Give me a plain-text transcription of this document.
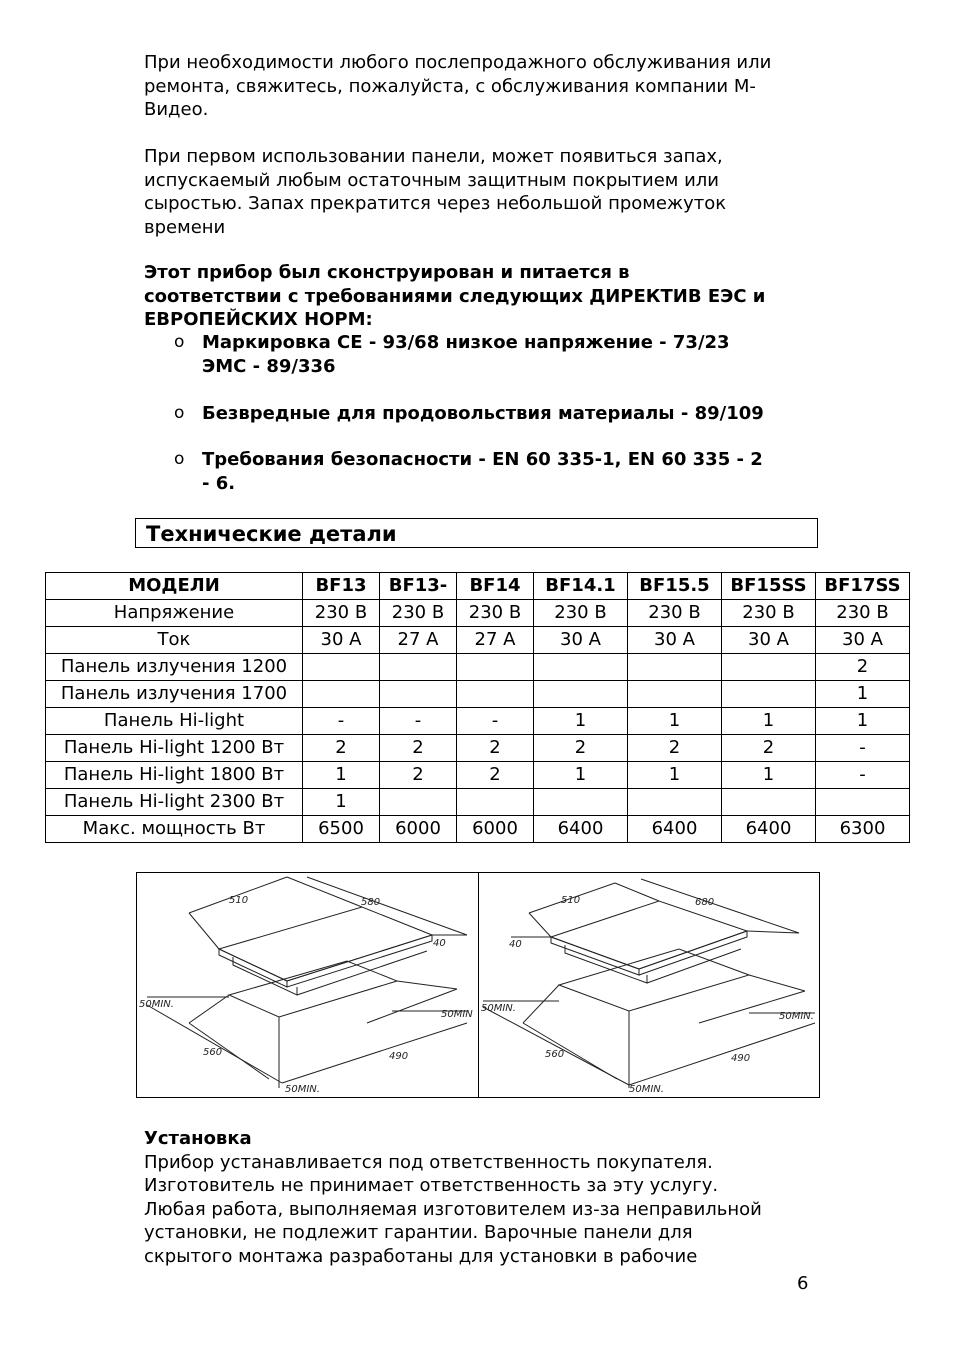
При необходимости любого послепродажного обслуживания или
ремонта, свяжитесь, пожалуйста, с обслуживания компании М-
Видео.
При первом использовании панели, может появиться запах,
испускаемый любым остаточным защитным покрытием или
сыростью. Запах прекратится через небольшой промежуток
времени
Этот прибор был сконструирован и питается в
соответствии с требованиями следующих ДИРЕКТИВ ЕЭС и
ЕВРОПЕЙСКИХ НОРМ:
o Маркировка CE - 93/68 низкое напряжение - 73/23
ЭМС - 89/336
o Безвредные для продовольствия материалы - 89/109
o Требования безопасности - EN 60 335-1, EN 60 335 - 2
- 6.
Технические детали
МОДЕЛИ	BF13	BF13-	BF14	BF14.1	BF15.5	BF15SS	BF17SS
Напряжение	230 В	230 В	230 В	230 В	230 В	230 В	230 В
Ток	30 А	27 А	27 А	30 А	30 А	30 А	30 А
Панель излучения 1200							2
Панель излучения 1700							1
Панель Hi-light	-	-	-	1	1	1	1
Панель Hi-light 1200 Вт	2	2	2	2	2	2	-
Панель Hi-light 1800 Вт	1	2	2	1	1	1	-
Панель Hi-light 2300 Вт	1						
Макс. мощность Вт	6500	6000	6000	6400	6400	6400	6300
510	580
40
50MIN.
50MIN
560	490
50MIN.
510	680
40
50MIN.
50MIN.
560	490
50MIN.
Установка
Прибор устанавливается под ответственность покупателя.
Изготовитель не принимает ответственность за эту услугу.
Любая работа, выполняемая изготовителем из-за неправильной
установки, не подлежит гарантии. Варочные панели для
скрытого монтажа разработаны для установки в рабочие
6
